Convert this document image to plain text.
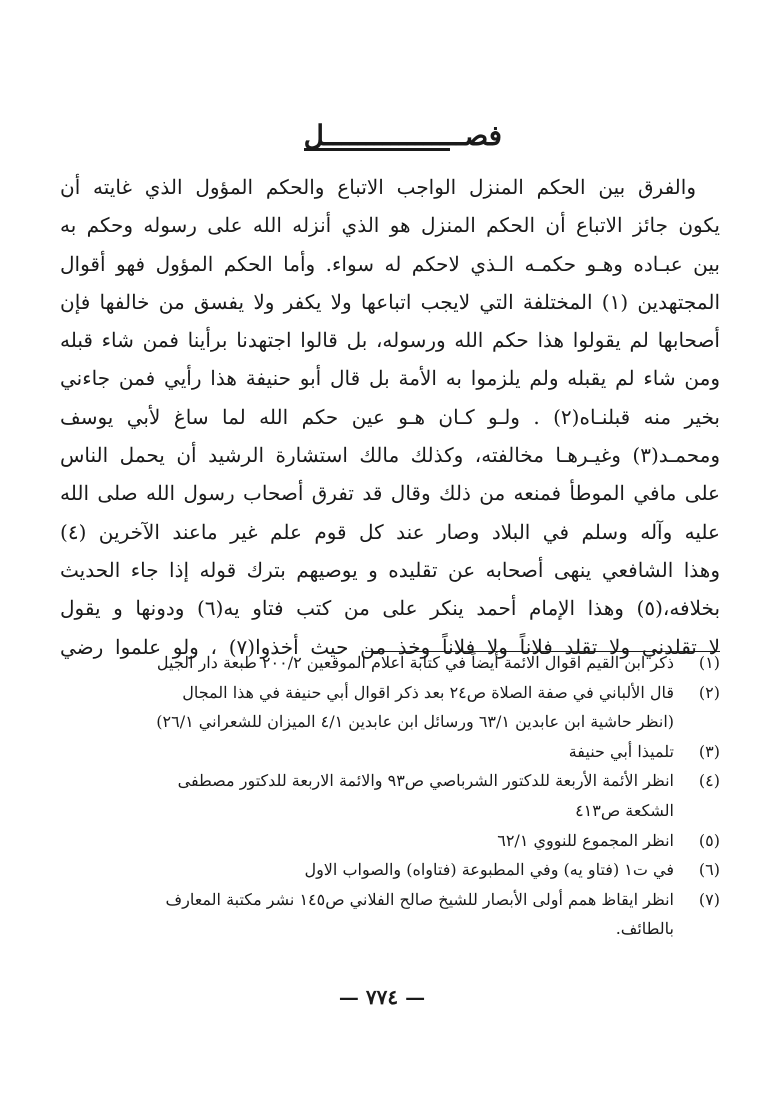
فصـــــــــــــــــل
والفرق بين الحكم المنزل الواجب الاتباع والحكم المؤول الذي غايته أن
يكون جائز الاتباع أن الحكم المنزل هو الذي أنزله الله على رسوله وحكم به
بين عبـاده وهـو حكمـه الـذي لاحكم له سواء. وأما الحكم المؤول فهو أقوال
المجتهدين (١) المختلفة التي لايجب اتباعها ولا يكفر ولا يفسق من خالفها فإن
أصحابها لم يقولوا هذا حكم الله ورسوله، بل قالوا اجتهدنا برأينا فمن شاء قبله
ومن شاء لم يقبله ولم يلزموا به الأمة بل قال أبو حنيفة هذا رأيي فمن جاءني
بخير منه قبلنـاه(٢) . ولـو كـان هـو عين حكم الله لما ساغ لأبي يوسف
ومحمـد(٣) وغيـرهـا مخالفته، وكذلك مالك استشارة الرشيد أن يحمل الناس
على مافي الموطأ فمنعه من ذلك وقال قد تفرق أصحاب رسول الله صلى الله
عليه وآله وسلم في البلاد وصار عند كل قوم علم غير ماعند الآخرين (٤)
وهذا الشافعي ينهى أصحابه عن تقليده و يوصيهم بترك قوله إذا جاء الحديث
بخلافه،(٥) وهذا الإمام أحمد ينكر على من كتب فتاو يه(٦) ودونها و يقول
لا تقلدني ولا تقلد فلاناً ولا فلاناً وخذ من حيث أخذوا(٧) ، ولو علموا رضي
(١)
ذكر ابن القيم اقوال الائمة أيضاً في كتابة اعلام الموقعين ٢٠٠/٢ طبعة دار الجيل
(٢)
قال الألباني في صفة الصلاة ص٢٤ بعد ذكر اقوال أبي حنيفة في هذا المجال
(انظر حاشية ابن عابدين ٦٣/١ ورسائل ابن عابدين ٤/١ الميزان للشعراني ٢٦/١)
(٣)
تلميذا أبي حنيفة
(٤)
انظر الأئمة الأربعة للدكتور الشرباصي ص٩٣ والائمة الاربعة للدكتور مصطفى
الشكعة ص٤١٣
(٥)
انظر المجموع للنووي ٦٢/١
(٦)
في ت١ (فتاو يه) وفي المطبوعة (فتاواه) والصواب الاول
(٧)
انظر ايقاظ همم أولى الأبصار للشيخ صالح الفلاني ص١٤٥ نشر مكتبة المعارف
بالطائف.
— ٧٧٤ —
